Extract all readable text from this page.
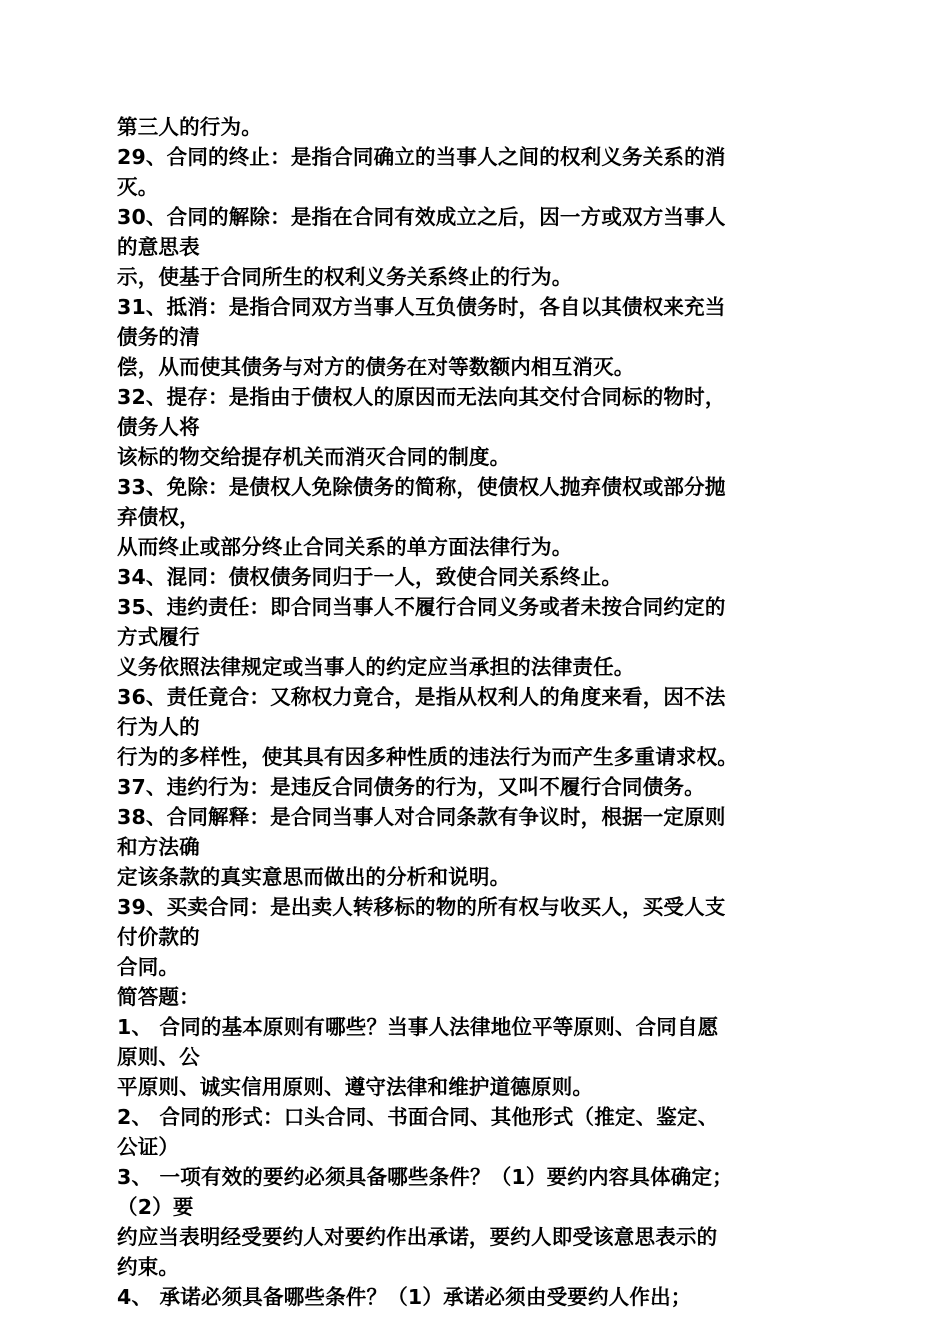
第三人的行为。
29、合同的终止：是指合同确立的当事人之间的权利义务关系的消
灭。
30、合同的解除：是指在合同有效成立之后，因一方或双方当事人
的意思表
示，使基于合同所生的权利义务关系终止的行为。
31、抵消：是指合同双方当事人互负债务时，各自以其债权来充当
债务的清
偿，从而使其债务与对方的债务在对等数额内相互消灭。
32、提存：是指由于债权人的原因而无法向其交付合同标的物时，
债务人将
该标的物交给提存机关而消灭合同的制度。
33、免除：是债权人免除债务的简称，使债权人抛弃债权或部分抛
弃债权，
从而终止或部分终止合同关系的单方面法律行为。
34、混同：债权债务同归于一人，致使合同关系终止。
35、违约责任：即合同当事人不履行合同义务或者未按合同约定的
方式履行
义务依照法律规定或当事人的约定应当承担的法律责任。
36、责任竟合：又称权力竟合，是指从权利人的角度来看，因不法
行为人的
行为的多样性，使其具有因多种性质的违法行为而产生多重请求权。
37、违约行为：是违反合同债务的行为，又叫不履行合同债务。
38、合同解释：是合同当事人对合同条款有争议时，根据一定原则
和方法确
定该条款的真实意思而做出的分析和说明。
39、买卖合同：是出卖人转移标的物的所有权与收买人，买受人支
付价款的
合同。
简答题：
1、 合同的基本原则有哪些？当事人法律地位平等原则、合同自愿
原则、公
平原则、诚实信用原则、遵守法律和维护道德原则。
2、 合同的形式：口头合同、书面合同、其他形式（推定、鉴定、
公证）
3、 一项有效的要约必须具备哪些条件？（1）要约内容具体确定；
（2）要
约应当表明经受要约人对要约作出承诺，要约人即受该意思表示的
约束。
4、 承诺必须具备哪些条件？（1）承诺必须由受要约人作出；
